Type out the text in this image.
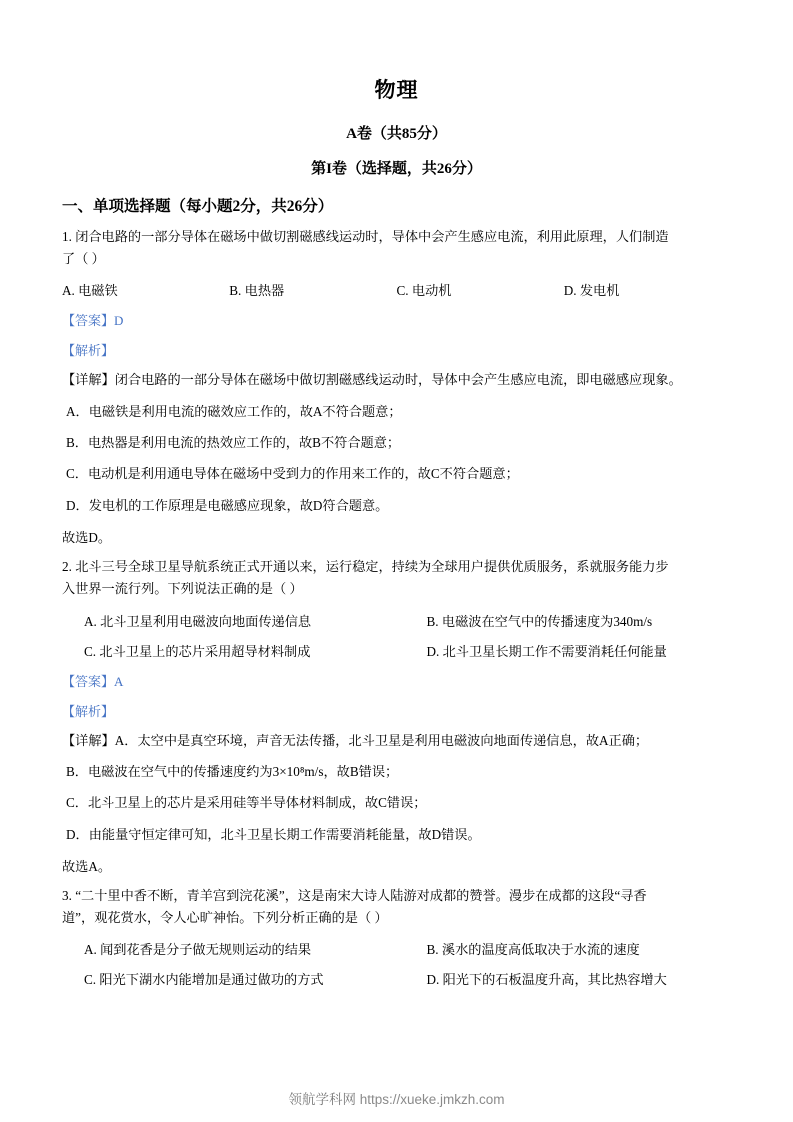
物理
A卷（共85分）
第I卷（选择题，共26分）
一、单项选择题（每小题2分，共26分）
1. 闭合电路的一部分导体在磁场中做切割磁感线运动时，导体中会产生感应电流，利用此原理，人们制造
了（ ）
A. 电磁铁	B. 电热器	C. 电动机	D. 发电机
【答案】D
【解析】
【详解】闭合电路的一部分导体在磁场中做切割磁感线运动时，导体中会产生感应电流，即电磁感应现象。
A．电磁铁是利用电流的磁效应工作的，故A不符合题意；
B．电热器是利用电流的热效应工作的，故B不符合题意；
C．电动机是利用通电导体在磁场中受到力的作用来工作的，故C不符合题意；
D．发电机的工作原理是电磁感应现象，故D符合题意。
故选D。
2. 北斗三号全球卫星导航系统正式开通以来，运行稳定，持续为全球用户提供优质服务，系就服务能力步
入世界一流行列。下列说法正确的是（ ）
A. 北斗卫星利用电磁波向地面传递信息	B. 电磁波在空气中的传播速度为340m/s
C. 北斗卫星上的芯片采用超导材料制成	D. 北斗卫星长期工作不需要消耗任何能量
【答案】A
【解析】
【详解】A．太空中是真空环境，声音无法传播，北斗卫星是利用电磁波向地面传递信息，故A正确；
B．电磁波在空气中的传播速度约为3×10⁸m/s，故B错误；
C．北斗卫星上的芯片是采用硅等半导体材料制成，故C错误；
D．由能量守恒定律可知，北斗卫星长期工作需要消耗能量，故D错误。
故选A。
3. “二十里中香不断，青羊宫到浣花溪”，这是南宋大诗人陆游对成都的赞誉。漫步在成都的这段“寻香
道”，观花赏水，令人心旷神怡。下列分析正确的是（ ）
A. 闻到花香是分子做无规则运动的结果	B. 溪水的温度高低取决于水流的速度
C. 阳光下湖水内能增加是通过做功的方式	D. 阳光下的石板温度升高，其比热容增大
领航学科网 https://xueke.jmkzh.com
